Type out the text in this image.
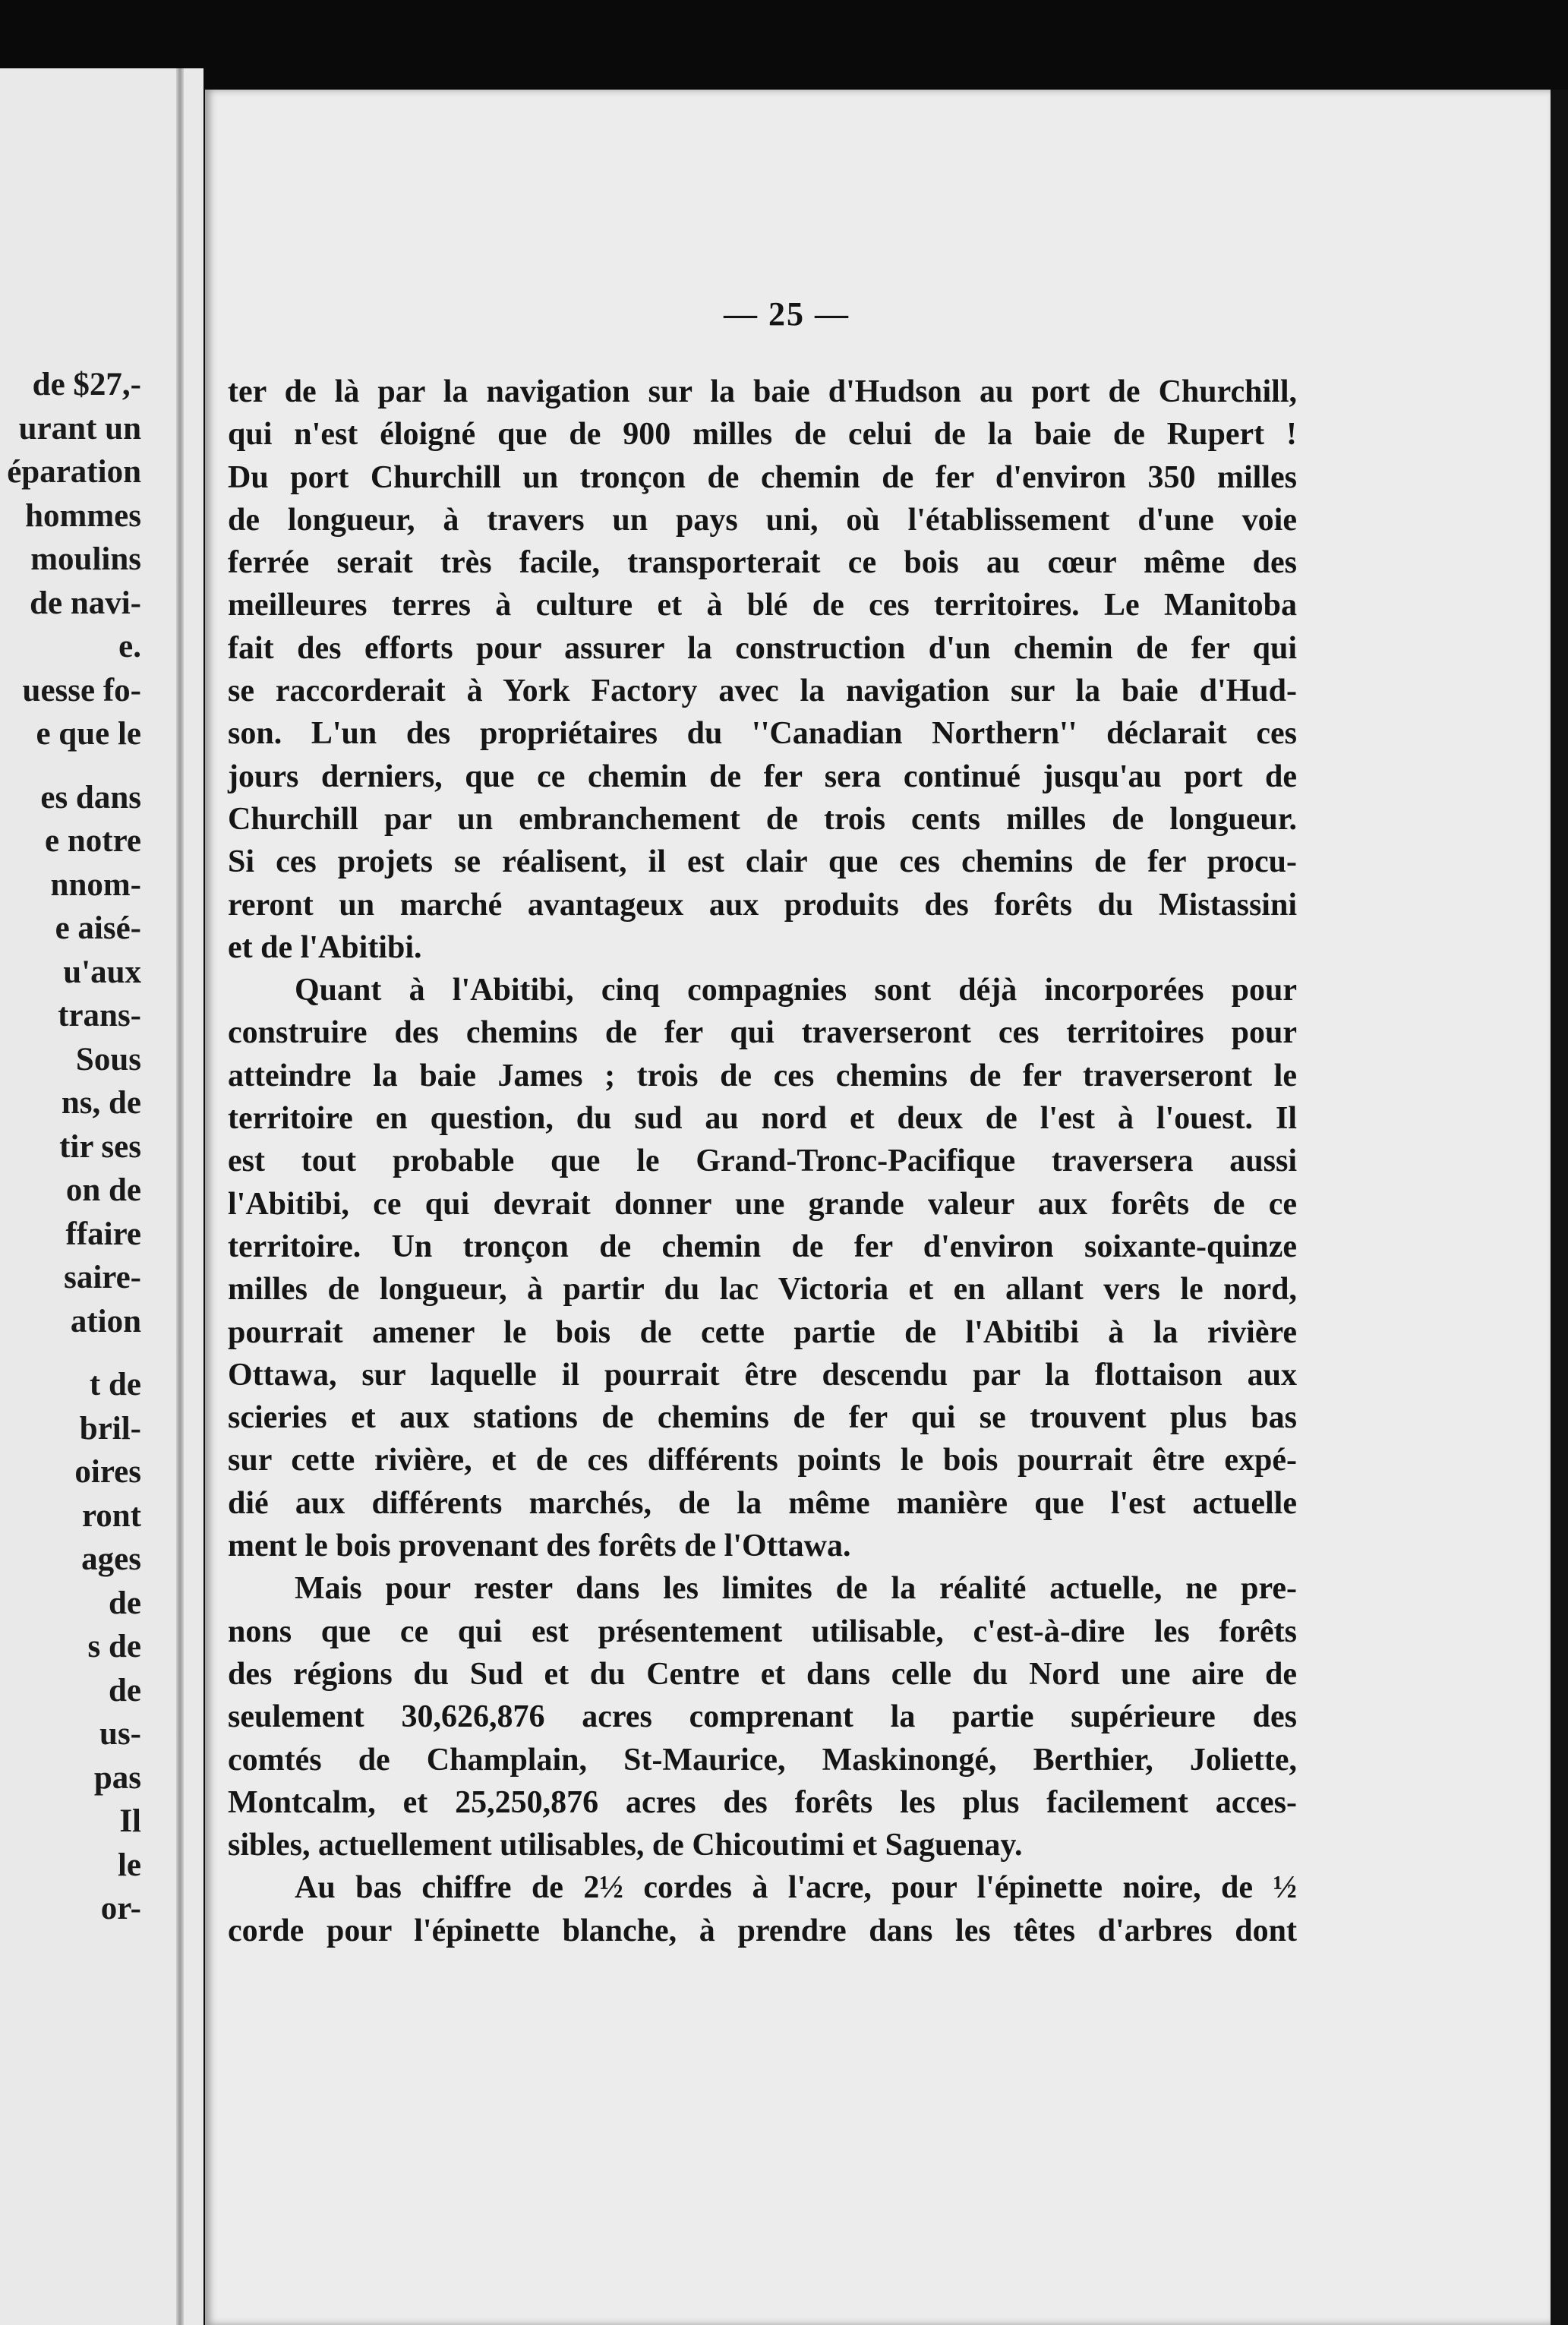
de $27,-
urant un
éparation
hommes
moulins
de navi-
e.
uesse fo-
e que le
es dans
e notre
nnom-
e aisé-
u'aux
trans-
Sous
ns, de
tir ses
on de
ffaire
saire-
ation
t de
bril-
oires
ront
ages
de
s de
de
us-
pas
Il
le
or-
— 25 —
ter de là par la navigation sur la baie d'Hudson au port de Churchill,
qui n'est éloigné que de 900 milles de celui de la baie de Rupert !
Du port Churchill un tronçon de chemin de fer d'environ 350 milles
de longueur, à travers un pays uni, où l'établissement d'une voie
ferrée serait très facile, transporterait ce bois au cœur même des
meilleures terres à culture et à blé de ces territoires. Le Manitoba
fait des efforts pour assurer la construction d'un chemin de fer qui
se raccorderait à York Factory avec la navigation sur la baie d'Hud-
son. L'un des propriétaires du ''Canadian Northern'' déclarait ces
jours derniers, que ce chemin de fer sera continué jusqu'au port de
Churchill par un embranchement de trois cents milles de longueur.
Si ces projets se réalisent, il est clair que ces chemins de fer procu-
reront un marché avantageux aux produits des forêts du Mistassini
et de l'Abitibi.
Quant à l'Abitibi, cinq compagnies sont déjà incorporées pour
construire des chemins de fer qui traverseront ces territoires pour
atteindre la baie James ; trois de ces chemins de fer traverseront le
territoire en question, du sud au nord et deux de l'est à l'ouest. Il
est tout probable que le Grand-Tronc-Pacifique traversera aussi
l'Abitibi, ce qui devrait donner une grande valeur aux forêts de ce
territoire. Un tronçon de chemin de fer d'environ soixante-quinze
milles de longueur, à partir du lac Victoria et en allant vers le nord,
pourrait amener le bois de cette partie de l'Abitibi à la rivière
Ottawa, sur laquelle il pourrait être descendu par la flottaison aux
scieries et aux stations de chemins de fer qui se trouvent plus bas
sur cette rivière, et de ces différents points le bois pourrait être expé-
dié aux différents marchés, de la même manière que l'est actuelle
ment le bois provenant des forêts de l'Ottawa.
Mais pour rester dans les limites de la réalité actuelle, ne pre-
nons que ce qui est présentement utilisable, c'est-à-dire les forêts
des régions du Sud et du Centre et dans celle du Nord une aire de
seulement 30,626,876 acres comprenant la partie supérieure des
comtés de Champlain, St-Maurice, Maskinongé, Berthier, Joliette,
Montcalm, et 25,250,876 acres des forêts les plus facilement acces-
sibles, actuellement utilisables, de Chicoutimi et Saguenay.
Au bas chiffre de 2½ cordes à l'acre, pour l'épinette noire, de ½
corde pour l'épinette blanche, à prendre dans les têtes d'arbres dont
